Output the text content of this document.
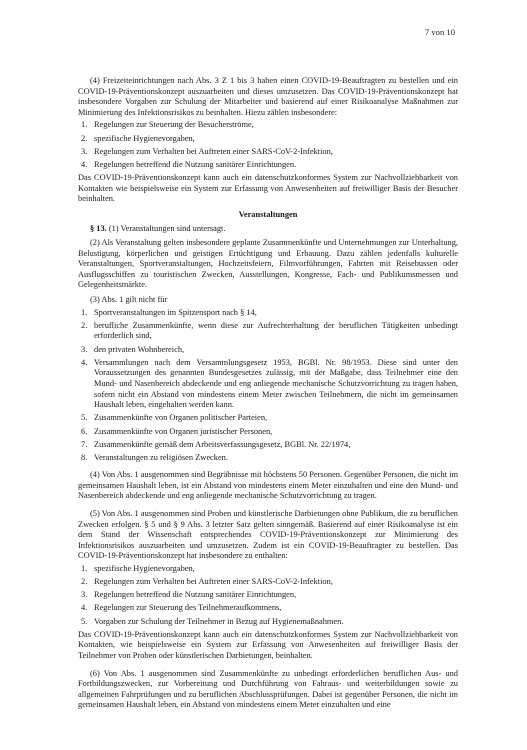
7 von 10

(4) Freizeiteinrichtungen nach Abs. 3 Z 1 bis 3 haben einen COVID-19-Beauftragten zu bestellen und ein COVID-19-Präventionskonzept auszuarbeiten und dieses umzusetzen. Das COVID-19-Präventionskonzept hat insbesondere Vorgaben zur Schulung der Mitarbeiter und basierend auf einer Risikoanalyse Maßnahmen zur Minimierung des Infektionsrisikos zu beinhalten. Hiezu zählen insbesondere:

1. Regelungen zur Steuerung der Besucherströme,
2. spezifische Hygienevorgaben,
3. Regelungen zum Verhalten bei Auftreten einer SARS-CoV-2-Infektion,
4. Regelungen betreffend die Nutzung sanitärer Einrichtungen.

Das COVID-19-Präventionskonzept kann auch ein datenschutzkonformes System zur Nachvollziehbarkeit von Kontakten wie beispielsweise ein System zur Erfassung von Anwesenheiten auf freiwilliger Basis der Besucher beinhalten.

Veranstaltungen

§ 13. (1) Veranstaltungen sind untersagt.

(2) Als Veranstaltung gelten insbesondere geplante Zusammenkünfte und Unternehmungen zur Unterhaltung, Belustigung, körperlichen und geistigen Ertüchtigung und Erbauung. Dazu zählen jedenfalls kulturelle Veranstaltungen, Sportveranstaltungen, Hochzeitsfeiern, Filmvorführungen, Fahrten mit Reisebussen oder Ausflugsschiffen zu touristischen Zwecken, Ausstellungen, Kongresse, Fach- und Publikumsmessen und Gelegenheitsmärkte.

(3) Abs. 1 gilt nicht für

1. Sportveranstaltungen im Spitzensport nach § 14,
2. berufliche Zusammenkünfte, wenn diese zur Aufrechterhaltung der beruflichen Tätigkeiten unbedingt erforderlich sind,
3. den privaten Wohnbereich,
4. Versammlungen nach dem Versammlungsgesetz 1953, BGBl. Nr. 98/1953. Diese sind unter den Voraussetzungen des genannten Bundesgesetzes zulässig, mit der Maßgabe, dass Teilnehmer eine den Mund- und Nasenbereich abdeckende und eng anliegende mechanische Schutzvorrichtung zu tragen haben, sofern nicht ein Abstand von mindestens einem Meter zwischen Teilnehmern, die nicht im gemeinsamen Haushalt leben, eingehalten werden kann.
5. Zusammenkünfte von Organen politischer Parteien,
6. Zusammenkünfte von Organen juristischer Personen,
7. Zusammenkünfte gemäß dem Arbeitsverfassungsgesetz, BGBl. Nr. 22/1974,
8. Veranstaltungen zu religiösen Zwecken.

(4) Von Abs. 1 ausgenommen sind Begräbnisse mit höchstens 50 Personen. Gegenüber Personen, die nicht im gemeinsamen Haushalt leben, ist ein Abstand von mindestens einem Meter einzuhalten und eine den Mund- und Nasenbereich abdeckende und eng anliegende mechanische Schutzvorrichtung zu tragen.

(5) Von Abs. 1 ausgenommen sind Proben und künstlerische Darbietungen ohne Publikum, die zu beruflichen Zwecken erfolgen. § 5 und § 9 Abs. 3 letzter Satz gelten sinngemäß. Basierend auf einer Risikoanalyse ist ein dem Stand der Wissenschaft entsprechendes COVID-19-Präventionskonzept zur Minimierung des Infektionsrisikos auszuarbeiten und umzusetzen. Zudem ist ein COVID-19-Beauftragter zu bestellen. Das COVID-19-Präventionskonzept hat insbesondere zu enthalten:

1. spezifische Hygienevorgaben,
2. Regelungen zum Verhalten bei Auftreten einer SARS-CoV-2-Infektion,
3. Regelungen betreffend die Nutzung sanitärer Einrichtungen,
4. Regelungen zur Steuerung des Teilnehmeraufkommens,
5. Vorgaben zur Schulung der Teilnehmer in Bezug auf Hygienemaßnahmen.

Das COVID-19-Präventionskonzept kann auch ein datenschutzkonformes System zur Nachvollziehbarkeit von Kontakten, wie beispielsweise ein System zur Erfassung von Anwesenheiten auf freiwilliger Basis der Teilnehmer von Proben oder künstlerischen Darbietungen, beinhalten.

(6) Von Abs. 1 ausgenommen sind Zusammenkünfte zu unbedingt erforderlichen beruflichen Aus- und Fortbildungszwecken, zur Vorbereitung und Durchführung von Fahraus- und weiterbildungen sowie zu allgemeinen Fahrprüfungen und zu beruflichen Abschlussprüfungen. Dabei ist gegenüber Personen, die nicht im gemeinsamen Haushalt leben, ein Abstand von mindestens einem Meter einzuhalten und eine
